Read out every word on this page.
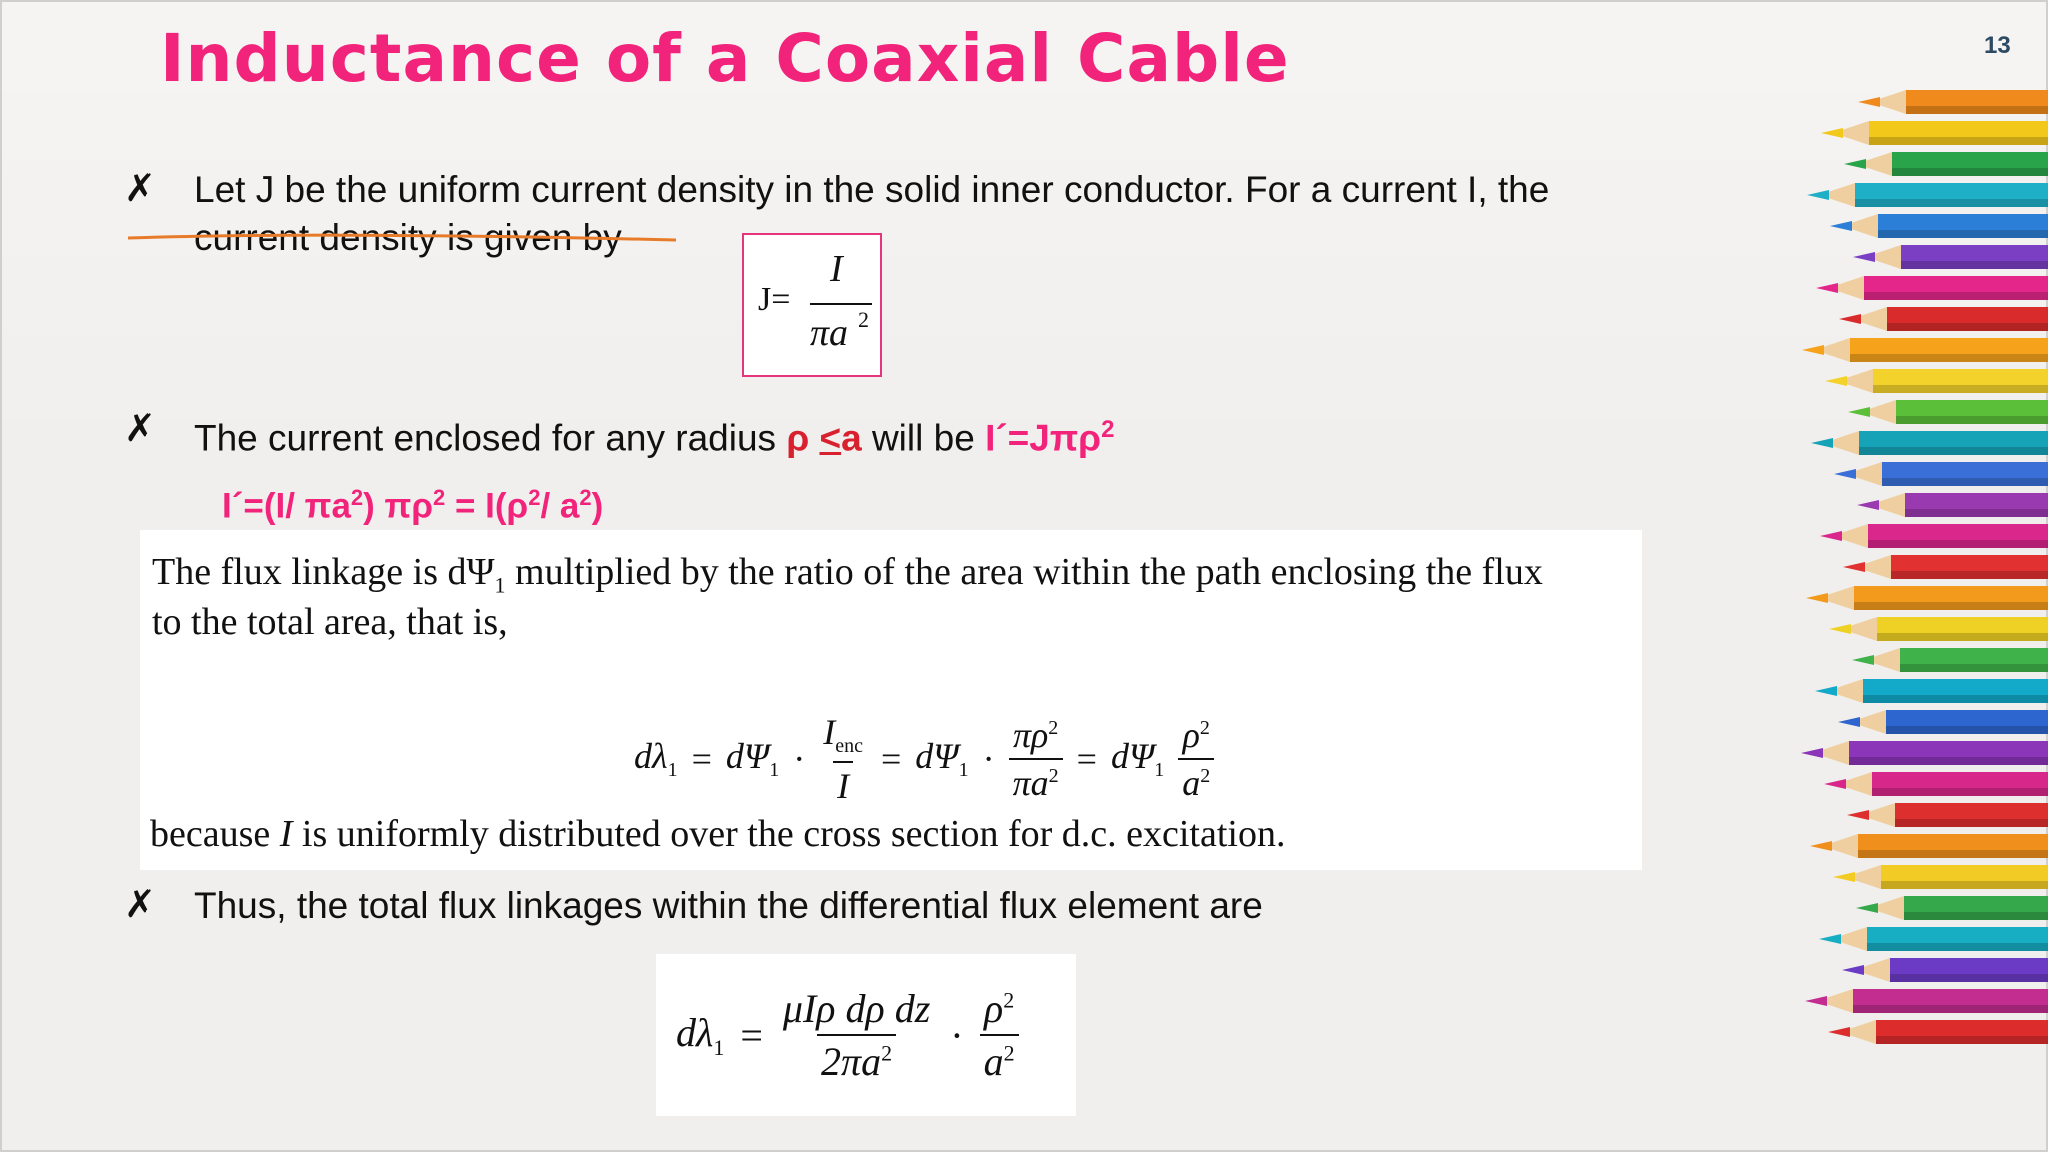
Inductance of a Coaxial Cable	13
✗ Let J be the uniform current density in the solid inner conductor. For a current I, the
current density is given by
J=
I
πa 2
✗ The current enclosed for any radius ρ <a will be I´=Jπρ$^2$
I´=(I/ $\pi a^2$) $\pi\rho^2 = I(\rho^2/$ $a^2$)
The flux linkage is $d\Psi_1$ multiplied by the ratio of the area within the path enclosing the flux
to the total area, that is,
$d\lambda_1 = d\Psi_1 \cdot \frac{I_{enc}}{I} = d\Psi_1 \cdot \frac{\pi\rho^2}{\pi a^2} = d\Psi_1 \frac{\rho^2}{a^2}$
because I is uniformly distributed over the cross section for d.c. excitation.
✗ Thus, the total flux linkages within the differential flux element are
$d\lambda_1 = \frac{\text{μIρ dρ dz}}{2\pi a^2} \cdot \frac{\rho^2}{a^2}$
